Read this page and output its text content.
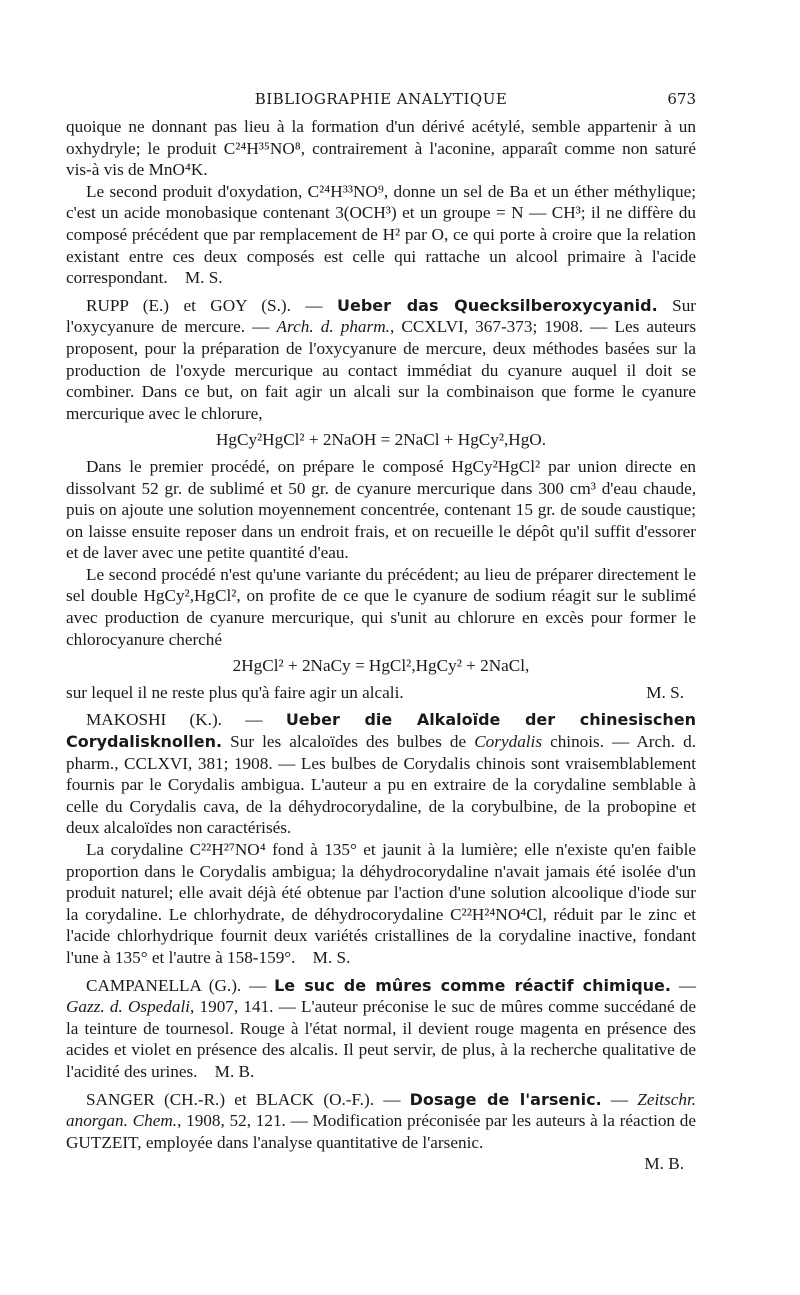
BIBLIOGRAPHIE ANALYTIQUE	673

quoique ne donnant pas lieu à la formation d'un dérivé acétylé, semble appartenir à un oxhydryle; le produit C²⁴H³⁵NO⁸, contrairement à l'aconine, apparaît comme non saturé vis-à vis de MnO⁴K.

Le second produit d'oxydation, C²⁴H³³NO⁹, donne un sel de Ba et un éther méthylique; c'est un acide monobasique contenant 3(OCH³) et un groupe = N — CH³; il ne diffère du composé précédent que par remplacement de H² par O, ce qui porte à croire que la relation existant entre ces deux composés est celle qui rattache un alcool primaire à l'acide correspondant. M. S.

RUPP (E.) et GOY (S.). — Ueber das Quecksilberoxycyanid. Sur l'oxycyanure de mercure. — Arch. d. pharm., CCXLVI, 367-373; 1908. — Les auteurs proposent, pour la préparation de l'oxycyanure de mercure, deux méthodes basées sur la production de l'oxyde mercurique au contact immédiat du cyanure auquel il doit se combiner. Dans ce but, on fait agir un alcali sur la combinaison que forme le cyanure mercurique avec le chlorure,

HgCy²HgCl² + 2NaOH = 2NaCl + HgCy²,HgO.

Dans le premier procédé, on prépare le composé HgCy²HgCl² par union directe en dissolvant 52 gr. de sublimé et 50 gr. de cyanure mercurique dans 300 cm³ d'eau chaude, puis on ajoute une solution moyennement concentrée, contenant 15 gr. de soude caustique; on laisse ensuite reposer dans un endroit frais, et on recueille le dépôt qu'il suffit d'essorer et de laver avec une petite quantité d'eau.

Le second procédé n'est qu'une variante du précédent; au lieu de préparer directement le sel double HgCy²,HgCl², on profite de ce que le cyanure de sodium réagit sur le sublimé avec production de cyanure mercurique, qui s'unit au chlorure en excès pour former le chlorocyanure cherché

2HgCl² + 2NaCy = HgCl²,HgCy² + 2NaCl,

sur lequel il ne reste plus qu'à faire agir un alcali.	M. S.

MAKOSHI (K.). — Ueber die Alkaloïde der chinesischen Corydalisknollen. Sur les alcaloïdes des bulbes de Corydalis chinois. — Arch. d. pharm., CCLXVI, 381; 1908. — Les bulbes de Corydalis chinois sont vraisemblablement fournis par le Corydalis ambigua. L'auteur a pu en extraire de la corydaline semblable à celle du Corydalis cava, de la déhydrocorydaline, de la corybulbine, de la probopine et deux alcaloïdes non caractérisés.

La corydaline C²²H²⁷NO⁴ fond à 135° et jaunit à la lumière; elle n'existe qu'en faible proportion dans le Corydalis ambigua; la déhydrocorydaline n'avait jamais été isolée d'un produit naturel; elle avait déjà été obtenue par l'action d'une solution alcoolique d'iode sur la corydaline. Le chlorhydrate, de déhydrocorydaline C²²H²⁴NO⁴Cl, réduit par le zinc et l'acide chlorhydrique fournit deux variétés cristallines de la corydaline inactive, fondant l'une à 135° et l'autre à 158-159°. M. S.

CAMPANELLA (G.). — Le suc de mûres comme réactif chimique. — Gazz. d. Ospedali, 1907, 141. — L'auteur préconise le suc de mûres comme succédané de la teinture de tournesol. Rouge à l'état normal, il devient rouge magenta en présence des acides et violet en présence des alcalis. Il peut servir, de plus, à la recherche qualitative de l'acidité des urines. M. B.

SANGER (CH.-R.) et BLACK (O.-F.). — Dosage de l'arsenic. — Zeitschr. anorgan. Chem., 1908, 52, 121. — Modification préconisée par les auteurs à la réaction de GUTZEIT, employée dans l'analyse quantitative de l'arsenic.

M. B.
